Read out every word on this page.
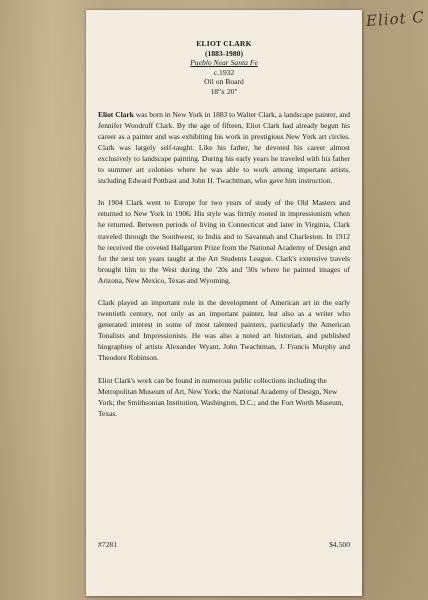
Eliot C
ELIOT CLARK
(1883-1980)
Pueblo Near Santa Fe
c.1932
Oil on Board
18"x 20"

Eliot Clark was born in New York in 1883 to Walter Clark, a landscape painter, and Jennifer Woodruff Clark. By the age of fifteen, Eliot Clark had already begun his career as a painter and was exhibiting his work in prestigious New York art circles. Clark was largely self-taught. Like his father, he devoted his career almost exclusively to landscape painting. During his early years he traveled with his father to summer art colonies where he was able to work among important artists, including Edward Potthast and John H. Twachtman, who gave him instruction.

In 1904 Clark went to Europe for two years of study of the Old Masters and returned to New York in 1906. His style was firmly rooted in impressionism when he returned. Between periods of living in Connecticut and later in Virginia, Clark traveled through the Southwest, to India and to Savannah and Charleston. In 1912 he received the coveted Hallgarten Prize from the National Academy of Design and for the next ten years taught at the Art Students League. Clark's extensive travels brought him to the West during the '20s and '30s where he painted images of Arizona, New Mexico, Texas and Wyoming.

Clark played an important role in the development of American art in the early twentieth century, not only as an important painter, but also as a writer who generated interest in some of most talented painters, particularly the American Tonalists and Impressionists. He was also a noted art historian, and published biographies of artists Alexander Wyant, John Twachtman, J. Francis Murphy and Theodore Robinson.

Eliot Clark's work can be found in numerous public collections including the Metropolitan Museum of Art, New York; the National Academy of Design, New York; the Smithsonian Institution, Washington, D.C.; and the Fort Worth Museum, Texas.

#7281	$4,500
